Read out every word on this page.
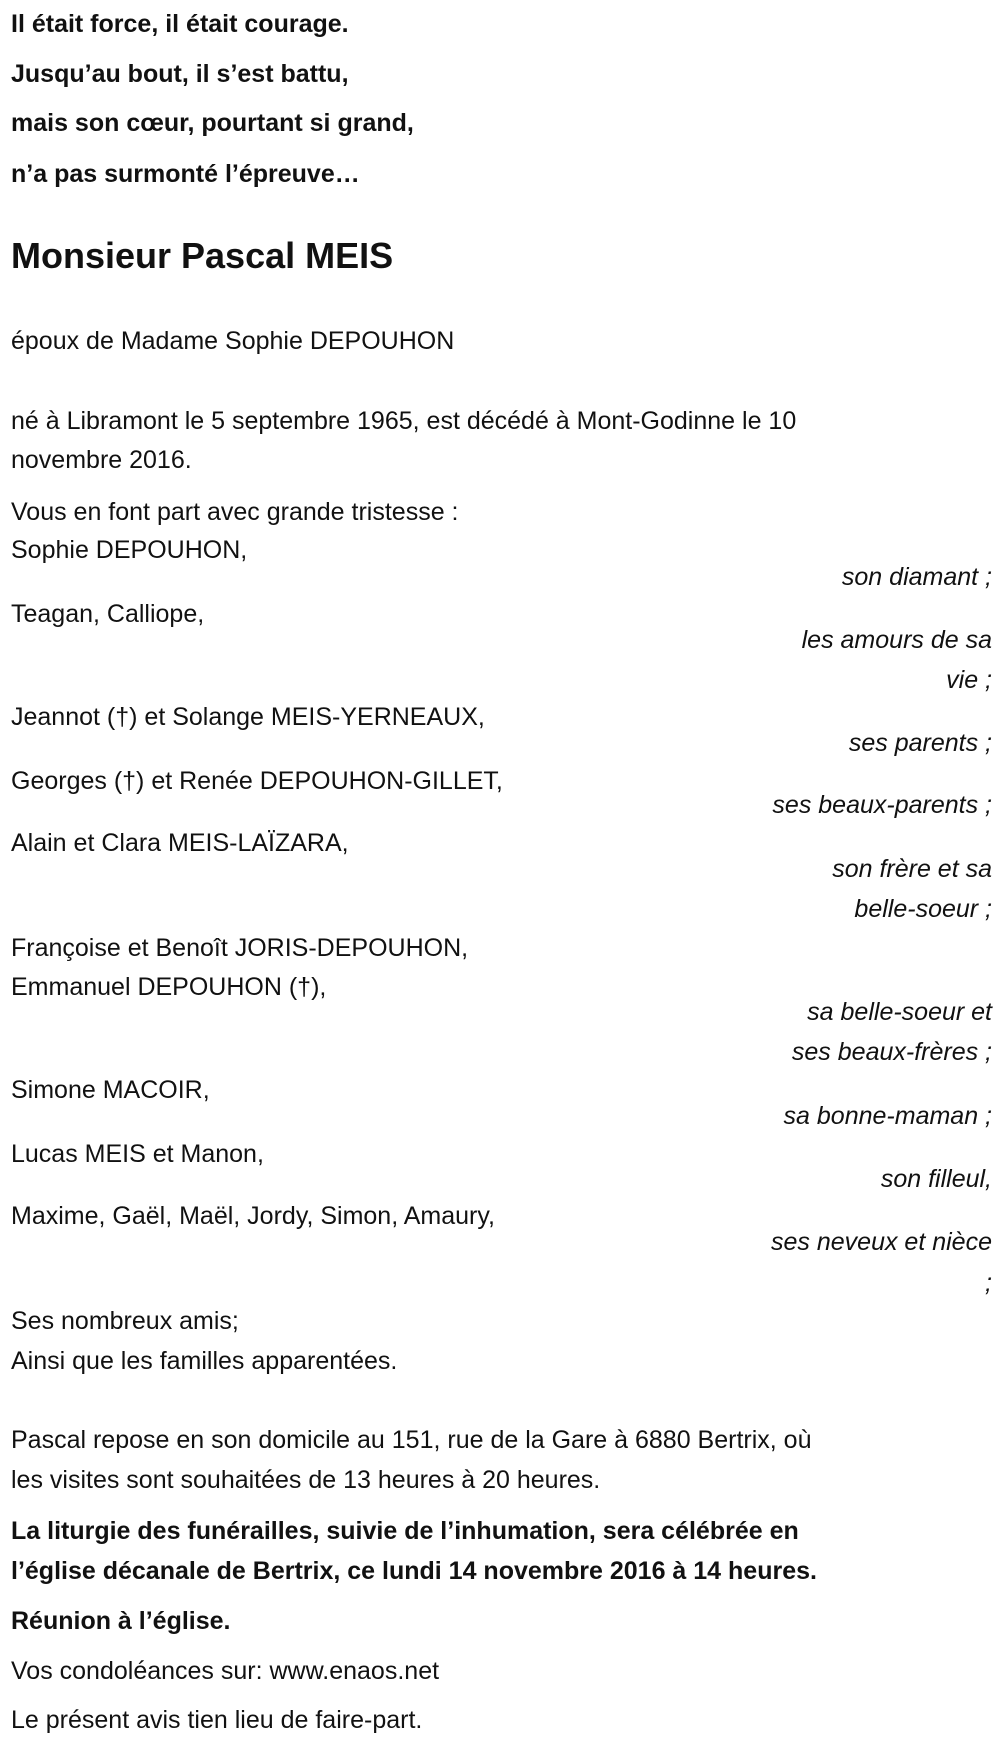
Il était force, il était courage.
Jusqu’au bout, il s’est battu,
mais son cœur, pourtant si grand,
n’a pas surmonté l’épreuve…
Monsieur Pascal MEIS
époux de Madame Sophie DEPOUHON
né à Libramont le 5 septembre 1965, est décédé à Mont-Godinne le 10
novembre 2016.
Vous en font part avec grande tristesse :
Sophie DEPOUHON,
son diamant ;
Teagan, Calliope,
les amours de sa
vie ;
Jeannot (†) et Solange MEIS-YERNEAUX,
ses parents ;
Georges (†) et Renée DEPOUHON-GILLET,
ses beaux-parents ;
Alain et Clara MEIS-LAÏZARA,
son frère et sa
belle-soeur ;
Françoise et Benoît JORIS-DEPOUHON,
Emmanuel DEPOUHON (†),
sa belle-soeur et
ses beaux-frères ;
Simone MACOIR,
sa bonne-maman ;
Lucas MEIS et Manon,
son filleul,
Maxime, Gaël, Maël, Jordy, Simon, Amaury,
ses neveux et nièce
;
Ses nombreux amis;
Ainsi que les familles apparentées.
Pascal repose en son domicile au 151, rue de la Gare à 6880 Bertrix, où
les visites sont souhaitées de 13 heures à 20 heures.
La liturgie des funérailles, suivie de l’inhumation, sera célébrée en
l’église décanale de Bertrix, ce lundi 14 novembre 2016 à 14 heures.
Réunion à l’église.
Vos condoléances sur: www.enaos.net
Le présent avis tien lieu de faire-part.
